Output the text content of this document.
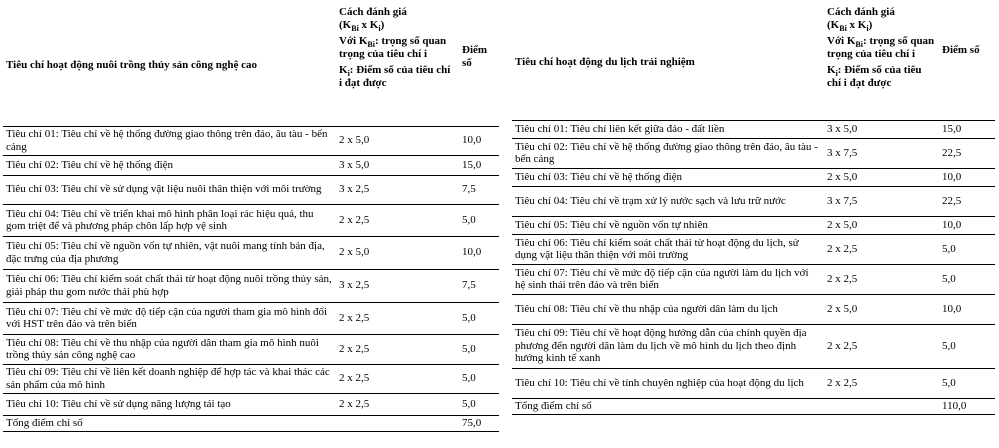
Tiêu chí hoạt động nuôi trồng thủy sản công nghệ cao	Cách đánh giá
($K_{Bi}$ x $K_i$)

Với $K_{Bi}$: trọng số quan trọng của tiêu chí i

$K_i$: Điểm số của tiêu chí i đạt được	Điểm số
Tiêu chí 01: Tiêu chí về hệ thống đường giao thông trên đảo, âu tàu - bến cảng	2 x 5,0	10,0
Tiêu chí 02: Tiêu chí về hệ thống điện	3 x 5,0	15,0
Tiêu chí 03: Tiêu chí về sử dụng vật liệu nuôi thân thiện với môi trường	3 x 2,5	7,5
Tiêu chí 04: Tiêu chí về triển khai mô hình phân loại rác hiệu quả, thu gom triệt để và phương pháp chôn lấp hợp vệ sinh	2 x 2,5	5,0
Tiêu chí 05: Tiêu chí về nguồn vốn tự nhiên, vật nuôi mang tính bản địa, đặc trưng của địa phương	2 x 5,0	10,0
Tiêu chí 06: Tiêu chí kiểm soát chất thải từ hoạt động nuôi trồng thủy sản, giải pháp thu gom nước thải phù hợp	3 x 2,5	7,5
Tiêu chí 07: Tiêu chí về mức độ tiếp cận của người tham gia mô hình đối với HST trên đảo và trên biển	2 x 2,5	5,0
Tiêu chí 08: Tiêu chí về thu nhập của người dân tham gia mô hình nuôi trồng thủy sản công nghệ cao	2 x 2,5	5,0
Tiêu chí 09: Tiêu chí về liên kết doanh nghiệp để hợp tác và khai thác các sản phẩm của mô hình	2 x 2,5	5,0
Tiêu chí 10: Tiêu chí về sử dụng năng lượng tái tạo	2 x 2,5	5,0
Tổng điểm chỉ số		75,0
Tiêu chí hoạt động du lịch trải nghiệm	Cách đánh giá
($K_{Bi}$ x $K_i$)

Với $K_{Bi}$: trọng số quan trọng của tiêu chí i

$K_i$: Điểm số của tiêu chí i đạt được	Điểm số
Tiêu chí 01: Tiêu chí liên kết giữa đảo - đất liền	3 x 5,0	15,0
Tiêu chí 02: Tiêu chí về hệ thống đường giao thông trên đảo, âu tàu - bến cảng	3 x 7,5	22,5
Tiêu chí 03: Tiêu chí về hệ thống điện	2 x 5,0	10,0
Tiêu chí 04: Tiêu chí về trạm xử lý nước sạch và lưu trữ nước	3 x 7,5	22,5
Tiêu chí 05: Tiêu chí về nguồn vốn tự nhiên	2 x 5,0	10,0
Tiêu chí 06: Tiêu chí kiểm soát chất thải từ hoạt động du lịch, sử dụng vật liệu thân thiện với môi trường	2 x 2,5	5,0
Tiêu chí 07: Tiêu chí về mức độ tiếp cận của người làm du lịch với hệ sinh thái trên đảo và trên biển	2 x 2,5	5,0
Tiêu chí 08: Tiêu chí về thu nhập của người dân làm du lịch	2 x 5,0	10,0
Tiêu chí 09: Tiêu chí về hoạt động hướng dẫn của chính quyền địa phương đến người dân làm du lịch về mô hình du lịch theo định hướng kinh tế xanh	2 x 2,5	5,0
Tiêu chí 10: Tiêu chí về tính chuyên nghiệp của hoạt động du lịch	2 x 2,5	5,0
Tổng điểm chỉ số		110,0
